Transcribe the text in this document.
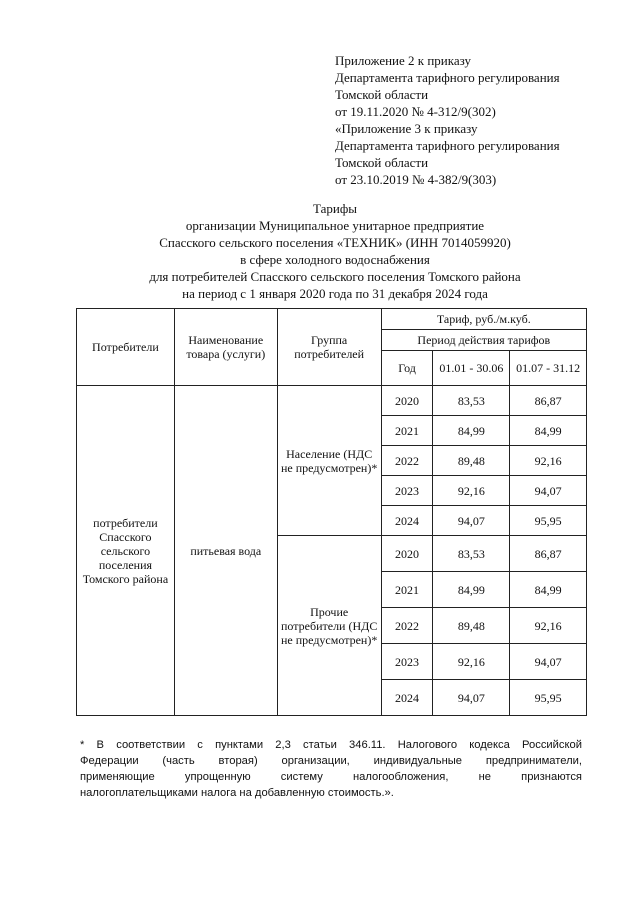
Приложение 2 к приказу
Департамента тарифного регулирования
Томской области
от 19.11.2020 № 4-312/9(302)
«Приложение 3 к приказу
Департамента тарифного регулирования
Томской области
от 23.10.2019 № 4-382/9(303)
Тарифы
организации Муниципальное унитарное предприятие
Спасского сельского поселения «ТЕХНИК» (ИНН 7014059920)
в сфере холодного водоснабжения
для потребителей Спасского сельского поселения Томского района
на период с 1 января 2020 года по 31 декабря 2024 года
Потребители	Наименование товара (услуги)	Группа потребителей	Тариф, руб./м.куб.		
			Период действия тарифов		
			Год	01.01 - 30.06	01.07 - 31.12
потребители Спасского сельского поселения Томского района	питьевая вода	Население (НДС не предусмотрен)*	2020	83,53	86,87
			2021	84,99	84,99
			2022	89,48	92,16
			2023	92,16	94,07
			2024	94,07	95,95
		Прочие потребители (НДС не предусмотрен)*	2020	83,53	86,87
			2021	84,99	84,99
			2022	89,48	92,16
			2023	92,16	94,07
			2024	94,07	95,95
* В соответствии с пунктами 2,3 статьи 346.11. Налогового кодекса Российской
Федерации (часть вторая) организации, индивидуальные предприниматели,
применяющие упрощенную систему налогообложения, не признаются
налогоплательщиками налога на добавленную стоимость.».
